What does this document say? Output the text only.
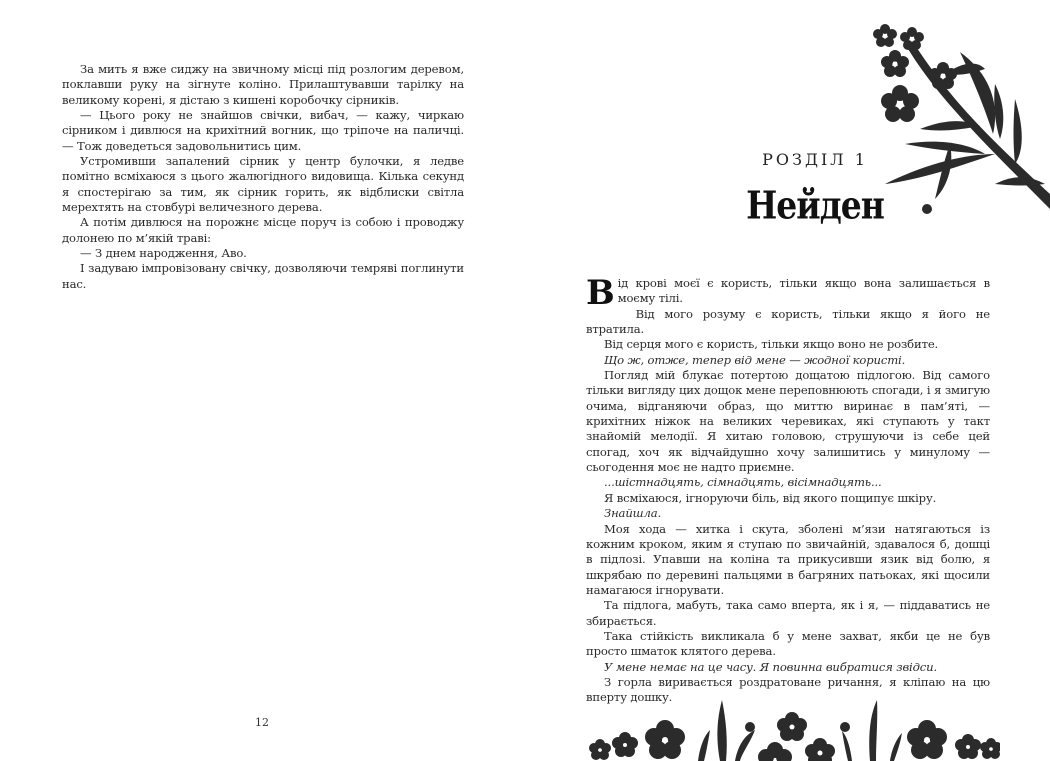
За мить я вже сиджу на звичному місці під розлогим деревом, поклавши руку на зігнуте коліно. Прилаштувавши тарілку на великому корені, я дістаю з кишені коробочку сірників.

— Цього року не знайшов свічки, вибач, — кажу, чиркаю сірником і дивлюся на крихітний вогник, що тріпоче на паличці. — Тож доведеться задовольнитись цим.

Устромивши запалений сірник у центр булочки, я ледве помітно всміхаюся з цього жалюгідного видовища. Кілька секунд я спостерігаю за тим, як сірник горить, як відблиски світла мерехтять на стовбурі величезного дерева.

А потім дивлюся на порожнє місце поруч із собою і проводжу долонею по м’якій траві:

— З днем народження, Аво.

І задуваю імпровізовану свічку, дозволяючи темряві поглинути нас.

12
РОЗДІЛ 1
Нейден

Від крові моєї є користь, тільки якщо вона залишається в моєму тілі.

Від мого розуму є користь, тільки якщо я його не втратила.

Від серця мого є користь, тільки якщо воно не розбите.

Що ж, отже, тепер від мене — жодної користі.

Погляд мій блукає потертою дощатою підлогою. Від самого тільки вигляду цих дощок мене переповнюють спогади, і я змигую очима, відганяючи образ, що миттю виринає в пам’яті, — крихітних ніжок на великих черевиках, які ступають у такт знайомій мелодії. Я хитаю головою, струшуючи із себе цей спогад, хоч як відчайдушно хочу залишитись у минулому — сьогодення моє не надто приємне.

...шістнадцять, сімнадцять, вісімнадцять...

Я всміхаюся, ігноруючи біль, від якого пощипує шкіру.

Знайшла.

Моя хода — хитка і скута, зболені м’язи натягаються із кожним кроком, яким я ступаю по звичайній, здавалося б, дошці в підлозі. Упавши на коліна та прикусивши язик від болю, я шкрябаю по деревині пальцями в багряних патьоках, які щосили намагаюся ігнорувати.

Та підлога, мабуть, така само вперта, як і я, — піддаватись не збирається.

Така стійкість викликала б у мене захват, якби це не був просто шматок клятого дерева.

У мене немає на це часу. Я повинна вибратися звідси.

З горла виривається роздратоване ричання, я кліпаю на цю вперту дошку.
